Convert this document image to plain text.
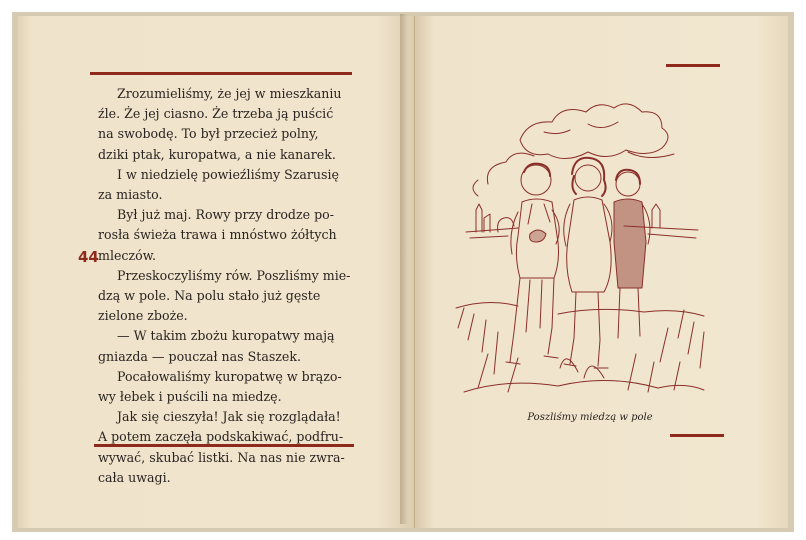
44

Zrozumieliśmy, że jej w mieszkaniu
źle. Że jej ciasno. Że trzeba ją puścić
na swobodę. To był przecież polny,
dziki ptak, kuropatwa, a nie kanarek.

I w niedzielę powieźliśmy Szarusię
za miasto.

Był już maj. Rowy przy drodze po-
rosła świeża trawa i mnóstwo żółtych
mleczów.

Przeskoczyliśmy rów. Poszliśmy mie-
dzą w pole. Na polu stało już gęste
zielone zboże.

— W takim zbożu kuropatwy mają
gniazda — pouczał nas Staszek.

Pocałowaliśmy kuropatwę w brązo-
wy łebek i puścili na miedzę.

Jak się cieszyła! Jak się rozglądała!
A potem zaczęła podskakiwać, podfru-
wywać, skubać listki. Na nas nie zwra-
cała uwagi.

Poszliśmy miedzą w pole
